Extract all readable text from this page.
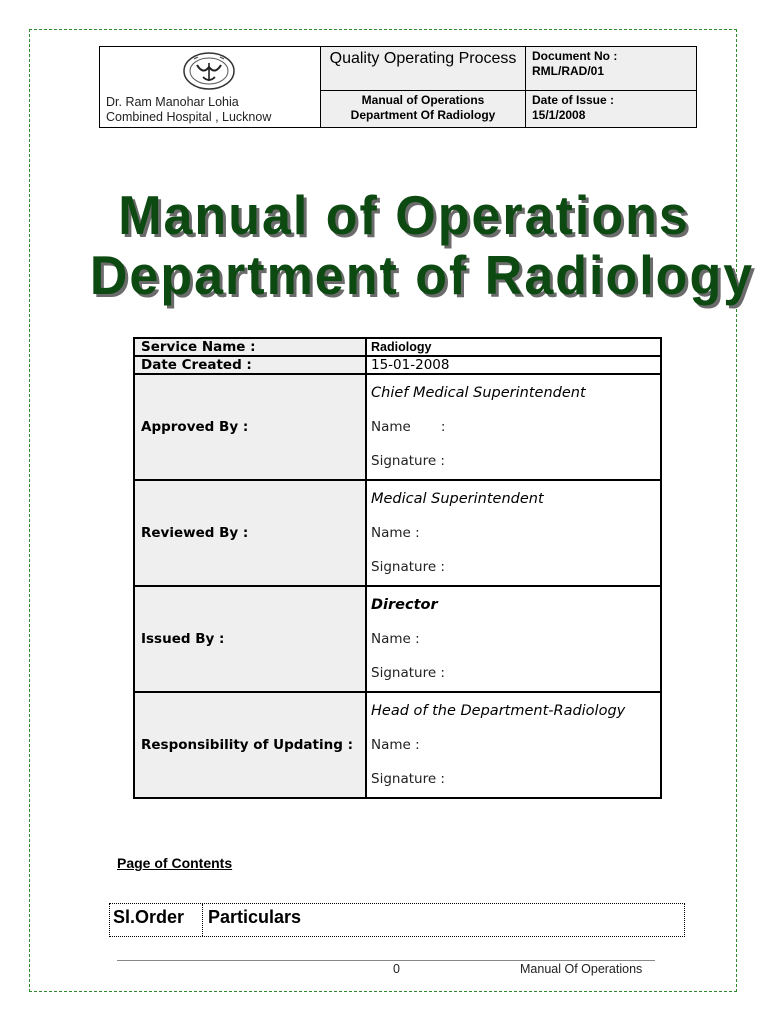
Dr. Ram Manohar Lohia
Combined Hospital , Lucknow
Quality Operating Process
Manual of Operations
Department Of Radiology
Document No :
RML/RAD/01
Date of Issue :
15/1/2008
Manual of Operations
Department of Radiology
Service Name :	Radiology
Date Created :	15-01-2008
Approved By :	Chief Medical Superintendent
Name       :
Signature :

Reviewed By :	Medical Superintendent
Name :
Signature :

Issued By :	Director
Name :
Signature :

Responsibility of Updating :	Head of the Department-Radiology
Name :
Signature :
Page of Contents
Sl.Order	Particulars
0	Manual Of Operations
